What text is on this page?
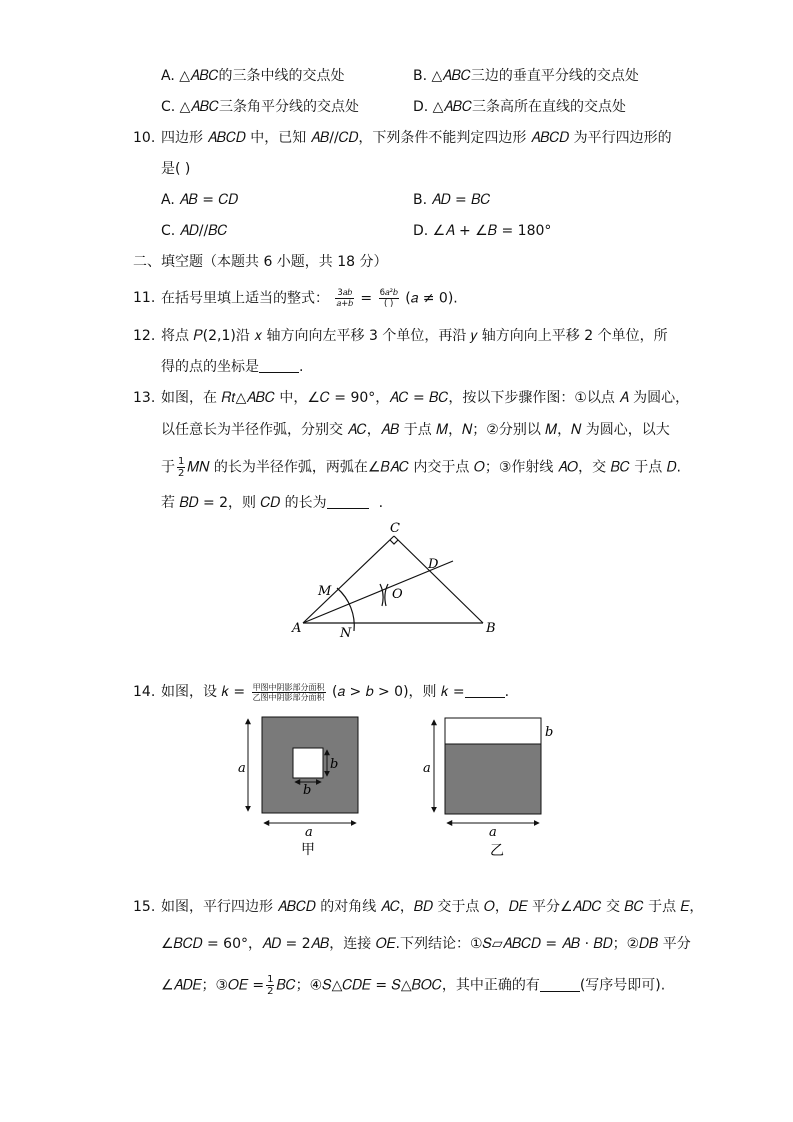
A. △𝐴𝐵𝐶的三条中线的交点处	B. △𝐴𝐵𝐶三边的垂直平分线的交点处
C. △𝐴𝐵𝐶三条角平分线的交点处	D. △𝐴𝐵𝐶三条高所在直线的交点处
10. 四边形 𝐴𝐵𝐶𝐷 中，已知 𝐴𝐵//𝐶𝐷，下列条件不能判定四边形 𝐴𝐵𝐶𝐷 为平行四边形的
是( )
A. 𝐴𝐵 = 𝐶𝐷	B. 𝐴𝐷 = 𝐵𝐶
C. 𝐴𝐷//𝐵𝐶	D. ∠𝐴 + ∠𝐵 = 180°
二、填空题（本题共 6 小题，共 18 分）
11. 在括号里填上适当的整式： $\frac{\text{3𝑎𝑏}}{\text{𝑎+𝑏}} = \frac{\text{6𝑎²𝑏}}{( )}$ (𝑎 ≠ 0).
12. 将点 𝑃(2,1)沿 𝑥 轴方向向左平移 3 个单位，再沿 𝑦 轴方向向上平移 2 个单位，所
得的点的坐标是	.
13. 如图，在 𝑅𝑡△𝐴𝐵𝐶 中，∠𝐶 = 90°，𝐴𝐶 = 𝐵𝐶，按以下步骤作图：①以点 𝐴 为圆心，
以任意长为半径作弧，分别交 𝐴𝐶，𝐴𝐵 于点 𝑀，𝑁；②分别以 𝑀，𝑁 为圆心，以大
于 $\frac{1}{2}$ 𝑀𝑁 的长为半径作弧，两弧在∠𝐵𝐴𝐶 内交于点 𝑂；③作射线 𝐴𝑂，交 𝐵𝐶 于点 𝐷.
若 𝐵𝐷 = 2，则 𝐶𝐷 的长为	.
C
D
M	O
A	N	B
14. 如图，设 𝑘 = $\frac{\text{甲图中阴影部分面积}}{\text{乙图中阴影部分面积}}$ (𝑎 > 𝑏 > 0)，则 𝑘 =	.
a
a
b
b
甲
a
a
b
乙
15. 如图，平行四边形 𝐴𝐵𝐶𝐷 的对角线 𝐴𝐶，𝐵𝐷 交于点 𝑂，𝐷𝐸 平分∠𝐴𝐷𝐶 交 𝐵𝐶 于点 𝐸，
∠𝐵𝐶𝐷 = 60°，𝐴𝐷 = 2𝐴𝐵，连接 𝑂𝐸.下列结论：①𝑆▱𝐴𝐵𝐶𝐷 = 𝐴𝐵 · 𝐵𝐷；②𝐷𝐵 平分
∠𝐴𝐷𝐸；③𝑂𝐸 = $\frac{1}{2}$ 𝐵𝐶；④𝑆△𝐶𝐷𝐸 = 𝑆△𝐵𝑂𝐶，其中正确的有	(写序号即可).
